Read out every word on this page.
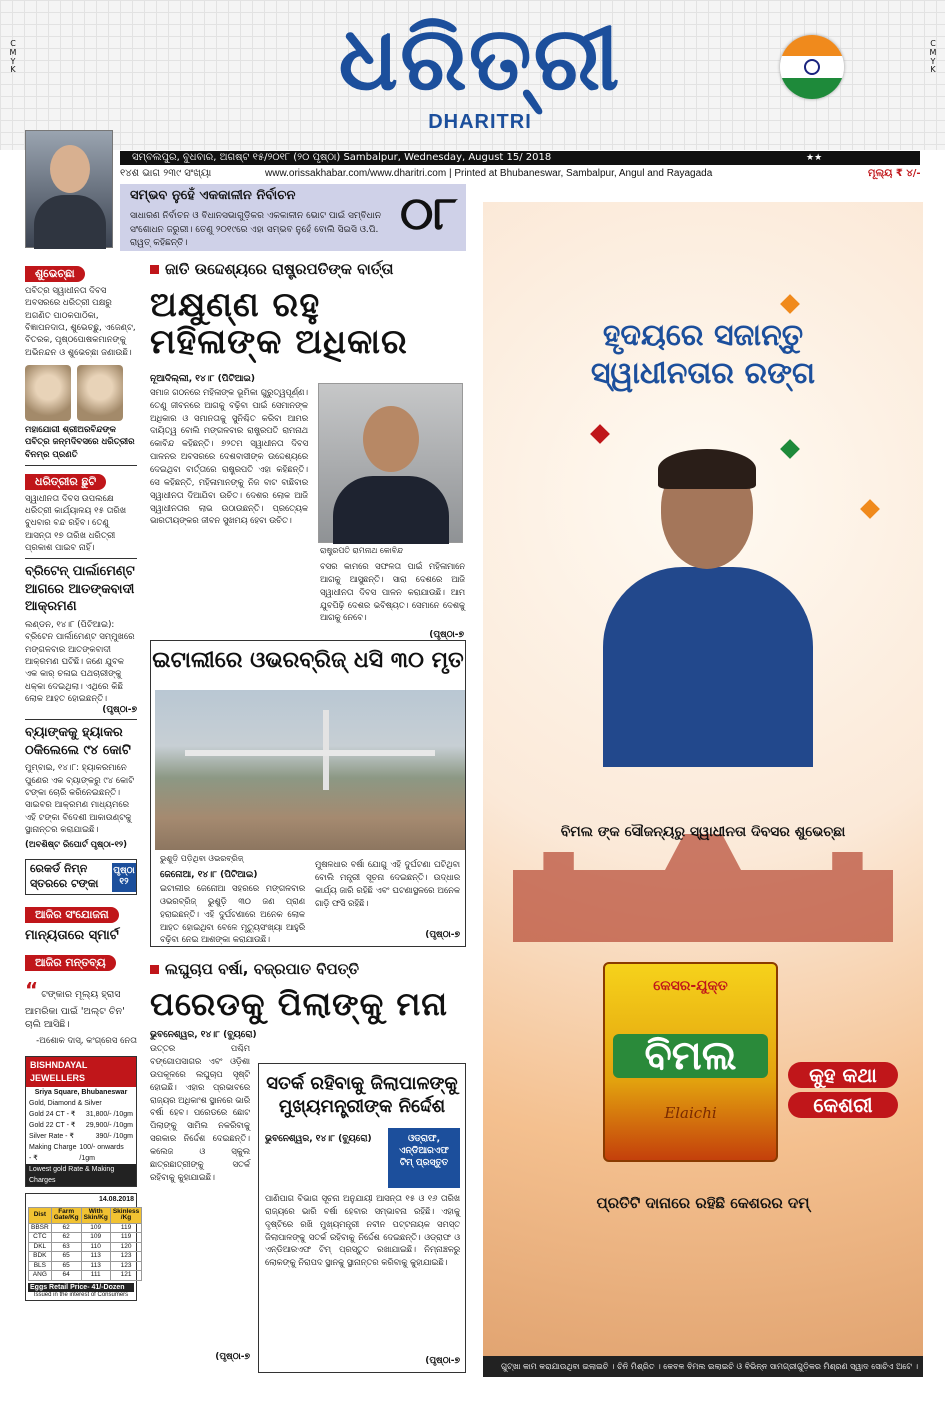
C
M
Y
K
C
M
Y
K
ଧରିତ୍ରୀ
DHARITRI
ସମ୍ବଲପୁର, ବୁଧବାର, ଅଗଷ୍ଟ ୧୫/୨୦୧୮ (୨୦ ପୃଷ୍ଠା) Sambalpur, Wednesday, August 15/ 2018	★★
୧୪ଶ ଭାଗ ୨୩୯ ସଂଖ୍ୟା	www.orissakhabar.com/www.dharitri.com | Printed at Bhubaneswar, Sambalpur, Angul and Rayagada	ମୂଲ୍ୟ ₹ ୪/-
ସମ୍ଭବ ନୁହେଁ ଏକକାଳୀନ ନିର୍ବାଚନ
ସାଧାରଣ ନିର୍ବାଚନ ଓ ବିଧାନସଭାଗୁଡ଼ିକର ଏକକାଳୀନ ଭୋଟ ପାଇଁ ସମ୍ବିଧାନ ସଂଶୋଧନ ଜରୁରୀ। ତେଣୁ ୨୦୧୯ରେ ଏହା ସମ୍ଭବ ନୁହେଁ ବୋଲି ସିଇସି ଓ.ପି. ରାୱତ୍ କହିଛନ୍ତି।
୦୮
ଶୁଭେଚ୍ଛା
ପବିତ୍ର ସ୍ୱାଧୀନତା ଦିବସ ଅବସରରେ ଧରିତ୍ରୀ ପକ୍ଷରୁ ଅଗଣିତ ପାଠକପାଠିକା, ବିଜ୍ଞାପନଦାତା, ଶୁଭେଚ୍ଛୁ, ଏଜେଣ୍ଟ, ବିତରକ, ପୃଷ୍ଠପୋଷକମାନଙ୍କୁ ଅଭିନନ୍ଦନ ଓ ଶୁଭେଚ୍ଛା ଜଣାଉଛି।
ମହାଯୋଗୀ ଶ୍ରୀଅରବିନ୍ଦଙ୍କ ପବିତ୍ର ଜନ୍ମଦିବସରେ ଧରିତ୍ରୀର ବିନମ୍ର ପ୍ରଣତି
ଧରିତ୍ରୀର ଛୁଟି
ସ୍ୱାଧୀନତା ଦିବସ ଉପଲକ୍ଷେ ଧରିତ୍ରୀ କାର୍ଯ୍ୟାଳୟ ୧୫ ତାରିଖ ବୁଧବାର ବନ୍ଦ ରହିବ। ତେଣୁ ଆସନ୍ତା ୧୭ ତାରିଖ ଧରିତ୍ରୀ ପ୍ରକାଶ ପାଇବ ନାହିଁ।
ବ୍ରିଟେନ୍ ପାର୍ଲାମେଣ୍ଟ ଆଗରେ ଆତଙ୍କବାଦୀ ଆକ୍ରମଣ
ଲଣ୍ଡନ, ୧୪।୮ (ପିଟିଆଇ): ବ୍ରିଟେନ ପାର୍ଲାମେଣ୍ଟ ସମ୍ମୁଖରେ ମଙ୍ଗଳବାର ଆତଙ୍କବାଦୀ ଆକ୍ରମଣ ଘଟିଛି। ଜଣେ ଯୁବକ ଏକ କାର୍ ଚଳାଇ ପଥଚାରୀଙ୍କୁ ଧକ୍କା ଦେଇଥିଲା। ଏଥିରେ କିଛି ଲୋକ ଆହତ ହୋଇଛନ୍ତି।
(ପୃଷ୍ଠା-୭
ବ୍ୟାଙ୍କକୁ ହ୍ୟାକର ଠକିଲେଲେ ୯୪ କୋଟି
ମୁମ୍ବାଇ, ୧୪।୮: ହ୍ୟାକରମାନେ ପୁଣେର ଏକ ବ୍ୟାଙ୍କରୁ ୯୪ କୋଟି ଟଙ୍କା ଚୋରି କରିନେଇଛନ୍ତି। ସାଇବର ଆକ୍ରମଣ ମାଧ୍ୟମରେ ଏହି ଟଙ୍କା ବିଦେଶୀ ଆକାଉଣ୍ଟକୁ ସ୍ଥାନାନ୍ତର କରାଯାଇଛି।
(ଅବଶିଷ୍ଟ ରିପୋର୍ଟ ପୃଷ୍ଠା-୧୨)
ରେକର୍ଡ ନିମ୍ନ ସ୍ତରରେ ଟଙ୍କା
ପୃଷ୍ଠା ୧୨
ଆଜିର ସଂଯୋଜନା
ମାନ୍ୟତାରେ ସ୍ମାର୍ଟ
ଆଜିର ମନ୍ତବ୍ୟ
“ ଟଙ୍କାର ମୂଲ୍ୟ ହ୍ରାସ ଆମରିକା ପାଇଁ 'ଅଲ୍ଟ ଚିନ' ଚାଲି ଆସିଛି।
-ଅଶୋକ ଦାସ୍, କଂଗ୍ରେସ ନେତା
BISHNDAYAL JEWELLERS
Sriya Square, Bhubaneswar
Gold, Diamond & Silver
Gold 24 CT - ₹ 31,800/- /10gm
Gold 22 CT - ₹ 29,900/- /10gm
Silver Rate - ₹	390/- /10gm
Making Charge - ₹
100/- onwards /1gm
Lowest gold Rate & Making Charges
14.08.2018
Dist	Farm Gate/Kg	With Skin/Kg	Skinless /Kg
BBSR	62	109	119
CTC	62	109	119
DKL	63	110	120
BDK	65	113	123
BLS	65	113	123
ANG	64	111	121
Eggs Retail Price- 41/-Dozen
Issued in the interest of Consumers
ଜାତି ଉଦ୍ଦେଶ୍ୟରେ ରାଷ୍ଟ୍ରପତିଙ୍କ ବାର୍ତ୍ତା
ଅକ୍ଷୁଣ୍ଣ ରହୁ ମହିଳାଙ୍କ ଅଧିକାର
ନୂଆଦିଲ୍ଲୀ, ୧୪।୮ (ପିଟିଆଇ)
ସମାଜ ଗଠନରେ ମହିଳାଙ୍କ ଭୂମିକା ଗୁରୁତ୍ୱପୂର୍ଣ୍ଣ। ତେଣୁ ଜୀବନରେ ଆଗକୁ ବଢ଼ିବା ପାଇଁ ସେମାନଙ୍କ ଅଧିକାର ଓ ସମାନତାକୁ ସୁନିଶ୍ଚିତ କରିବା ଆମର ଦାୟିତ୍ୱ ବୋଲି ମଙ୍ଗଳବାର ରାଷ୍ଟ୍ରପତି ରାମନାଥ କୋବିନ୍ଦ କହିଛନ୍ତି। ୭୨ତମ ସ୍ୱାଧୀନତା ଦିବସ ପାଳନର ଅବସରରେ ଦେଶବାସୀଙ୍କ ଉଦ୍ଦେଶ୍ୟରେ ଦେଇଥିବା ବାର୍ତ୍ତାରେ ରାଷ୍ଟ୍ରପତି ଏହା କହିଛନ୍ତି। ସେ କହିଛନ୍ତି, ମହିଳାମାନଙ୍କୁ ନିଜ ବାଟ ବାଛିବାର ସ୍ୱାଧୀନତା ଦିଆଯିବା ଉଚିତ। ଦେଶର ଲୋକ ଆଜି ସ୍ୱାଧୀନତାର ଲାଭ ଉଠାଉଛନ୍ତି। ପ୍ରତ୍ୟେକ ଭାରତୀୟଙ୍କର ଜୀବନ ସୁଖମୟ ହେବା ଉଚିତ।
ରାଷ୍ଟ୍ରପତି ରାମନାଥ କୋବିନ୍ଦ
ବସର କାମରେ ସଫଳତା ପାଇଁ ମହିଳାମାନେ ଆଗକୁ ଆସୁଛନ୍ତି। ସାରା ଦେଶରେ ଆଜି ସ୍ୱାଧୀନତା ଦିବସ ପାଳନ କରାଯାଉଛି। ଆମ ଯୁବପିଢ଼ି ଦେଶର ଭବିଷ୍ୟତ। ସେମାନେ ଦେଶକୁ ଆଗକୁ ନେବେ।
(ପୃଷ୍ଠା-୭
ଇଟାଲୀରେ ଓଭରବ୍ରିଜ୍ ଧସି ୩୦ ମୃତ
ଭୁଶୁଡ଼ି ପଡ଼ିଥିବା ଓଭରବ୍ରିଜ୍
ଜେନୋଆ, ୧୪।୮ (ପିଟିଆଇ)
ଇଟାଲୀର ଜେନୋଆ ସହରରେ ମଙ୍ଗଳବାର ଓଭରବ୍ରିଜ୍ ଭୁଶୁଡ଼ି ୩୦ ଜଣ ପ୍ରାଣ ହରାଇଛନ୍ତି। ଏହି ଦୁର୍ଘଟଣାରେ ଅନେକ ଲୋକ ଆହତ ହୋଇଥିବା ବେଳେ ମୃତ୍ୟୁସଂଖ୍ୟା ଆହୁରି ବଢ଼ିବା ନେଇ ଆଶଙ୍କା କରାଯାଉଛି।
ମୁଷଳଧାର ବର୍ଷା ଯୋଗୁ ଏହି ଦୁର୍ଘଟଣା ଘଟିଥିବା ବୋଲି ମନ୍ତ୍ରୀ ସୂଚନା ଦେଇଛନ୍ତି। ଉଦ୍ଧାର କାର୍ଯ୍ୟ ଜାରି ରହିଛି ଏବଂ ଘଟଣାସ୍ଥଳରେ ଅନେକ ଗାଡ଼ି ଫସି ରହିଛି।
(ପୃଷ୍ଠା-୭
ଲଘୁଚାପ ବର୍ଷା, ବଜ୍ରପାତ ବିପତ୍ତି
ପରେଡକୁ ପିଲାଙ୍କୁ ମନା
ଭୁବନେଶ୍ୱର, ୧୪।୮ (ବ୍ୟୁରୋ)
ଉତ୍ତର ପଶ୍ଚିମ ବଙ୍ଗୋପସାଗର ଏବଂ ଓଡ଼ିଶା ଉପକୂଳରେ ଲଘୁଚାପ ସୃଷ୍ଟି ହୋଇଛି। ଏହାର ପ୍ରଭାବରେ ରାଜ୍ୟର ଅଧିକାଂଶ ସ୍ଥାନରେ ଭାରି ବର୍ଷା ହେବ। ପରେଡରେ ଛୋଟ ପିଲାଙ୍କୁ ସାମିଲ ନକରିବାକୁ ସରକାର ନିର୍ଦ୍ଦେଶ ଦେଇଛନ୍ତି। କଲେଜ ଓ ସ୍କୁଲ ଛାତ୍ରଛାତ୍ରୀଙ୍କୁ ସତର୍କ ରହିବାକୁ କୁହାଯାଇଛି।
(ପୃଷ୍ଠା-୭
ସତର୍କ ରହିବାକୁ ଜିଲାପାଳଙ୍କୁ ମୁଖ୍ୟମନ୍ତ୍ରୀଙ୍କ ନିର୍ଦ୍ଦେଶ
ଭୁବନେଶ୍ୱର, ୧୪।୮ (ବ୍ୟୁରୋ)	ଓଡ୍ରାଫ, ଏନ୍‌ଡିଆରଏଫ ଟିମ୍ ପ୍ରସ୍ତୁତ
ପାଣିପାଗ ବିଭାଗ ସୂଚନା ଅନୁଯାୟୀ ଆସନ୍ତା ୧୫ ଓ ୧୬ ତାରିଖ ରାଜ୍ୟରେ ଭାରି ବର୍ଷା ହେବାର ସମ୍ଭାବନା ରହିଛି। ଏହାକୁ ଦୃଷ୍ଟିରେ ରଖି ମୁଖ୍ୟମନ୍ତ୍ରୀ ନବୀନ ପଟ୍ଟନାୟକ ସମସ୍ତ ଜିଲାପାଳଙ୍କୁ ସତର୍କ ରହିବାକୁ ନିର୍ଦ୍ଦେଶ ଦେଇଛନ୍ତି। ଓଡ୍ରାଫ ଓ ଏନ୍‌ଡିଆରଏଫ ଟିମ୍ ପ୍ରସ୍ତୁତ ରଖାଯାଇଛି। ନିମ୍ନାଞ୍ଚଳରୁ ଲୋକଙ୍କୁ ନିରାପଦ ସ୍ଥାନକୁ ସ୍ଥାନାନ୍ତର କରିବାକୁ କୁହାଯାଇଛି।
(ପୃଷ୍ଠା-୭
ହୃଦୟରେ ସଜାନ୍ତୁ
ସ୍ୱାଧୀନତାର ରଙ୍ଗ
ବିମଲ ଙ୍କ ସୌଜନ୍ୟରୁ ସ୍ୱାଧୀନତା ଦିବସର ଶୁଭେଚ୍ଛା
କେସର-ଯୁକ୍ତ
ବିମଲ
Elaichi
କୁହ କଥା
କେଶରୀ
ପ୍ରତିଟି ଦାନାରେ ରହିଛି କେଶରର ଦମ୍
ଗୁଟ୍ଖା କାମ କରାଯାଉଥିବା ଇଲାଇଚି । ଚିନି ମିଶ୍ରିତ । କେବଳ ବିମଲ ଇଲାଇଚି ଓ ବିଭିନ୍ନ ସାମଗ୍ରୀଗୁଡ଼ିକର ମିଶ୍ରଣ ସ୍ୱାଦ ସୋଚିଏ ଅଟେ ।
